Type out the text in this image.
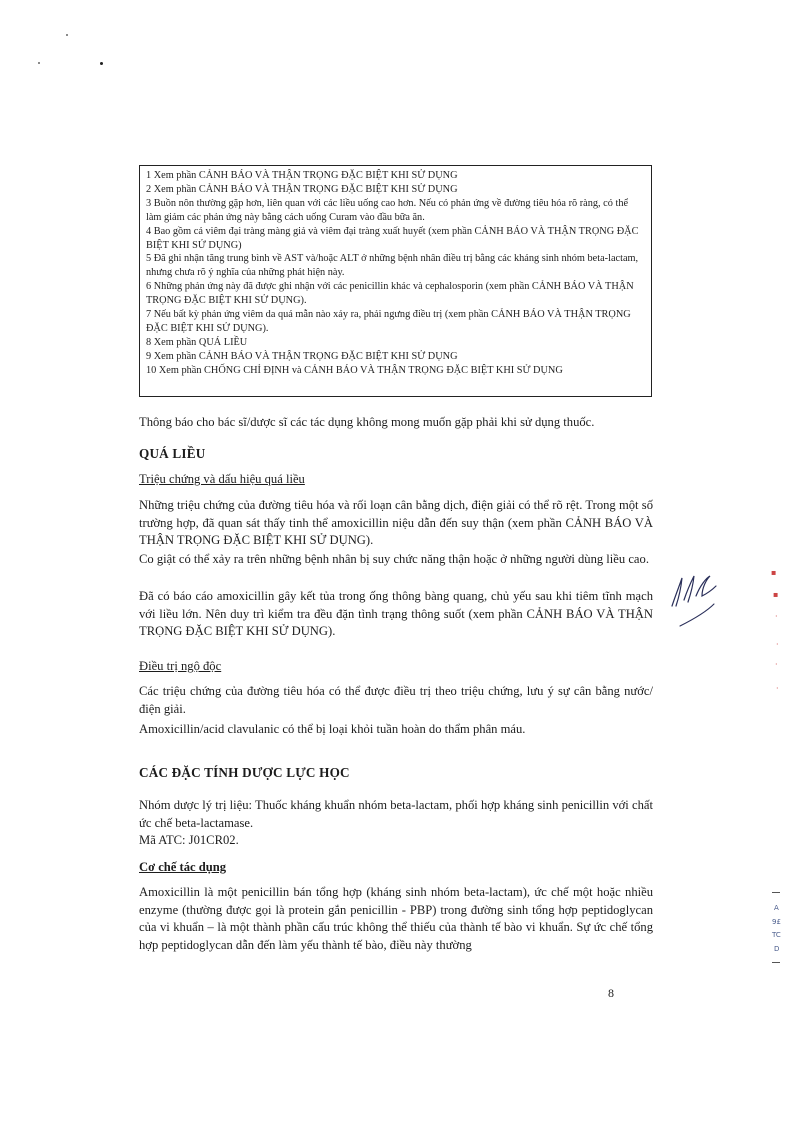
1 Xem phần CẢNH BÁO VÀ THẬN TRỌNG ĐẶC BIỆT KHI SỬ DỤNG

2 Xem phần CẢNH BÁO VÀ THẬN TRỌNG ĐẶC BIỆT KHI SỬ DỤNG

3 Buồn nôn thường gặp hơn, liên quan với các liều uống cao hơn. Nếu có phản ứng về đường tiêu hóa rõ ràng, có thể làm giảm các phản ứng này bằng cách uống Curam vào đầu bữa ăn.

4 Bao gồm cả viêm đại tràng màng giả và viêm đại tràng xuất huyết (xem phần CẢNH BÁO VÀ THẬN TRỌNG ĐẶC BIỆT KHI SỬ DỤNG)

5 Đã ghi nhận tăng trung bình về AST và/hoặc ALT ở những bệnh nhân điều trị bằng các kháng sinh nhóm beta-lactam, nhưng chưa rõ ý nghĩa của những phát hiện này.

6 Những phản ứng này đã được ghi nhận với các penicillin khác và cephalosporin (xem phần CẢNH BÁO VÀ THẬN TRỌNG ĐẶC BIỆT KHI SỬ DỤNG).

7 Nếu bất kỳ phản ứng viêm da quá mẫn nào xảy ra, phải ngưng điều trị (xem phần CẢNH BÁO VÀ THẬN TRỌNG ĐẶC BIỆT KHI SỬ DỤNG).

8 Xem phần QUÁ LIỀU

9 Xem phần CẢNH BÁO VÀ THẬN TRỌNG ĐẶC BIỆT KHI SỬ DỤNG

10 Xem phần CHỐNG CHỈ ĐỊNH và CẢNH BÁO VÀ THẬN TRỌNG ĐẶC BIỆT KHI SỬ DỤNG

Thông báo cho bác sĩ/dược sĩ các tác dụng không mong muốn gặp phải khi sử dụng thuốc.

QUÁ LIỀU
Triệu chứng và dấu hiệu quá liều

Những triệu chứng của đường tiêu hóa và rối loạn cân bằng dịch, điện giải có thể rõ rệt. Trong một số trường hợp, đã quan sát thấy tinh thể amoxicillin niệu dẫn đến suy thận (xem phần CẢNH BÁO VÀ THẬN TRỌNG ĐẶC BIỆT KHI SỬ DỤNG).

Co giật có thể xảy ra trên những bệnh nhân bị suy chức năng thận hoặc ở những người dùng liều cao.

Đã có báo cáo amoxicillin gây kết tủa trong ống thông bàng quang, chủ yếu sau khi tiêm tĩnh mạch với liều lớn. Nên duy trì kiểm tra đều đặn tình trạng thông suốt (xem phần CẢNH BÁO VÀ THẬN TRỌNG ĐẶC BIỆT KHI SỬ DỤNG).

Điều trị ngộ độc

Các triệu chứng của đường tiêu hóa có thể được điều trị theo triệu chứng, lưu ý sự cân bằng nước/điện giải.

Amoxicillin/acid clavulanic có thể bị loại khỏi tuần hoàn do thẩm phân máu.

CÁC ĐẶC TÍNH DƯỢC LỰC HỌC

Nhóm dược lý trị liệu: Thuốc kháng khuẩn nhóm beta-lactam, phối hợp kháng sinh penicillin với chất ức chế beta-lactamase.

Mã ATC: J01CR02.

Cơ chế tác dụng

Amoxicillin là một penicillin bán tổng hợp (kháng sinh nhóm beta-lactam), ức chế một hoặc nhiều enzyme (thường được gọi là protein gắn penicillin - PBP) trong đường sinh tổng hợp peptidoglycan của vi khuẩn – là một thành phần cấu trúc không thể thiếu của thành tế bào vi khuẩn. Sự ức chế tổng hợp peptidoglycan dẫn đến làm yếu thành tế bào, điều này thường

8
▪
▪
·
·
·
·
A
9£
TC
D
